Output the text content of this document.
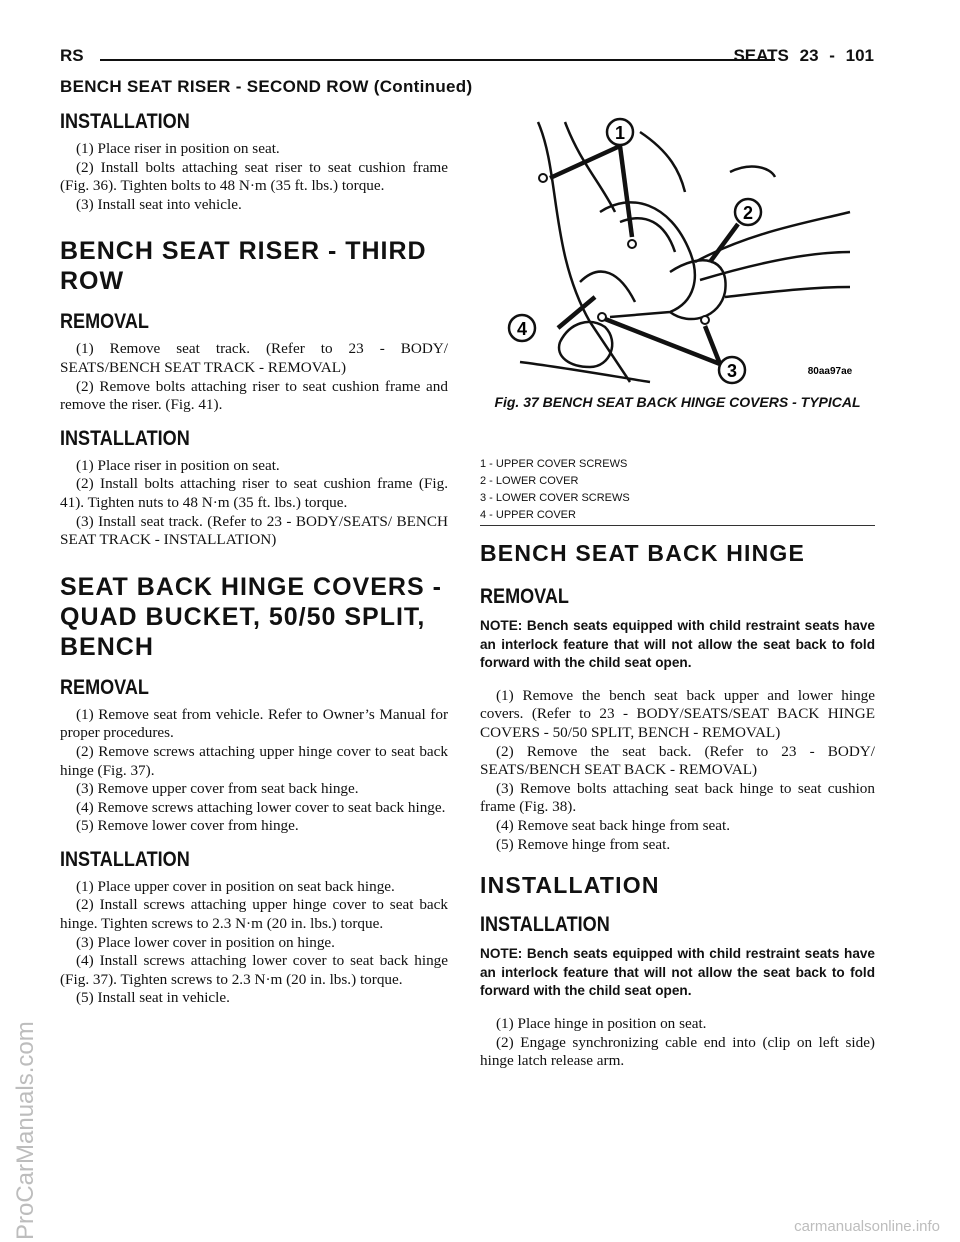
RS	SEATS 23 - 101
BENCH SEAT RISER - SECOND ROW (Continued)
INSTALLATION

(1) Place riser in position on seat.

(2) Install bolts attaching seat riser to seat cushion frame (Fig. 36). Tighten bolts to 48 N·m (35 ft. lbs.) torque.

(3) Install seat into vehicle.

BENCH SEAT RISER - THIRD ROW
REMOVAL

(1) Remove seat track. (Refer to 23 - BODY/ SEATS/BENCH SEAT TRACK - REMOVAL)

(2) Remove bolts attaching riser to seat cushion frame and remove the riser. (Fig. 41).

INSTALLATION

(1) Place riser in position on seat.

(2) Install bolts attaching riser to seat cushion frame (Fig. 41). Tighten nuts to 48 N·m (35 ft. lbs.) torque.

(3) Install seat track. (Refer to 23 - BODY/SEATS/ BENCH SEAT TRACK - INSTALLATION)

SEAT BACK HINGE COVERS - QUAD BUCKET, 50/50 SPLIT, BENCH
REMOVAL

(1) Remove seat from vehicle. Refer to Owner’s Manual for proper procedures.

(2) Remove screws attaching upper hinge cover to seat back hinge (Fig. 37).

(3) Remove upper cover from seat back hinge.

(4) Remove screws attaching lower cover to seat back hinge.

(5) Remove lower cover from hinge.

INSTALLATION

(1) Place upper cover in position on seat back hinge.

(2) Install screws attaching upper hinge cover to seat back hinge. Tighten screws to 2.3 N·m (20 in. lbs.) torque.

(3) Place lower cover in position on hinge.

(4) Install screws attaching lower cover to seat back hinge (Fig. 37). Tighten screws to 2.3 N·m (20 in. lbs.) torque.

(5) Install seat in vehicle.

1
2
3
4
80aa97ae
Fig. 37 BENCH SEAT BACK HINGE COVERS - TYPICAL
1 - UPPER COVER SCREWS
2 - LOWER COVER
3 - LOWER COVER SCREWS
4 - UPPER COVER
BENCH SEAT BACK HINGE
REMOVAL

NOTE: Bench seats equipped with child restraint seats have an interlock feature that will not allow the seat back to fold forward with the child seat open.

(1) Remove the bench seat back upper and lower hinge covers. (Refer to 23 - BODY/SEATS/SEAT BACK HINGE COVERS - 50/50 SPLIT, BENCH - REMOVAL)

(2) Remove the seat back. (Refer to 23 - BODY/ SEATS/BENCH SEAT BACK - REMOVAL)

(3) Remove bolts attaching seat back hinge to seat cushion frame (Fig. 38).

(4) Remove seat back hinge from seat.

(5) Remove hinge from seat.

INSTALLATION
INSTALLATION

NOTE: Bench seats equipped with child restraint seats have an interlock feature that will not allow the seat back to fold forward with the child seat open.

(1) Place hinge in position on seat.

(2) Engage synchronizing cable end into (clip on left side) hinge latch release arm.

ProCarManuals.com	carmanualsonline.info
